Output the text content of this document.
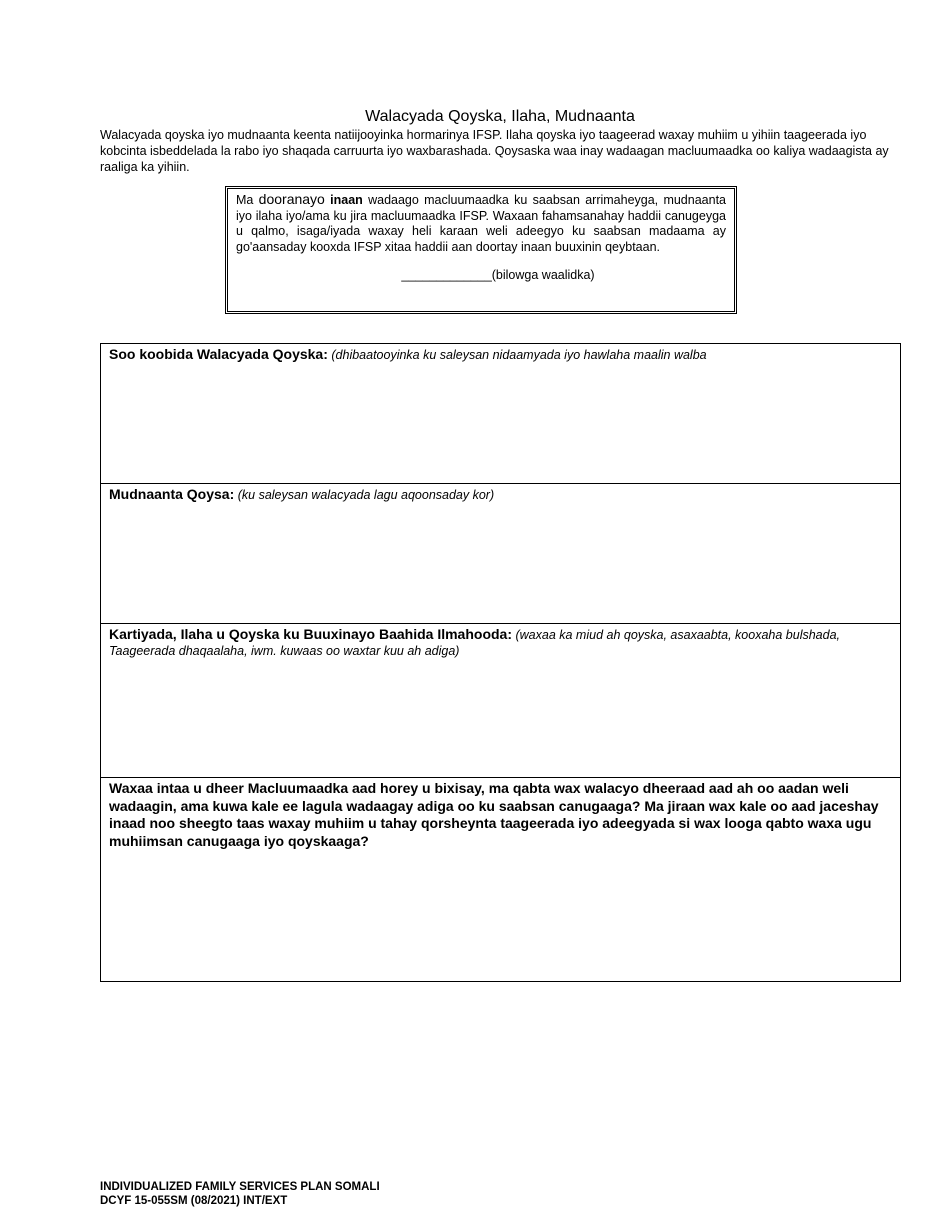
Walacyada Qoyska, Ilaha, Mudnaanta
Walacyada qoyska iyo mudnaanta keenta natiijooyinka hormarinya IFSP. Ilaha qoyska iyo taageerad waxay muhiim u yihiin taageerada iyo kobcinta isbeddelada la rabo iyo shaqada carruurta iyo waxbarashada. Qoysaska waa inay wadaagan macluumaadka oo kaliya wadaagista ay raaliga ka yihiin.
Ma dooranayo inaan wadaago macluumaadka ku saabsan arrimaheyga, mudnaanta iyo ilaha iyo/ama ku jira macluumaadka IFSP. Waxaan fahamsanahay haddii canugeyga u qalmo, isaga/iyada waxay heli karaan weli adeegyo ku saabsan madaama ay go'aansaday kooxda IFSP xitaa haddii aan doortay inaan buuxinin qeybtaan.
_____________(bilowga waalidka)
Soo koobida Walacyada Qoyska: (dhibaatooyinka ku saleysan nidaamyada iyo hawlaha maalin walba
Mudnaanta Qoysa: (ku saleysan walacyada lagu aqoonsaday kor)
Kartiyada, Ilaha u Qoyska ku Buuxinayo Baahida Ilmahooda: (waxaa ka miud ah qoyska, asaxaabta, kooxaha bulshada, Taageerada dhaqaalaha, iwm. kuwaas oo waxtar kuu ah adiga)
Waxaa intaa u dheer Macluumaadka aad horey u bixisay, ma qabta wax walacyo dheeraad aad ah oo aadan weli wadaagin, ama kuwa kale ee lagula wadaagay adiga oo ku saabsan canugaaga? Ma jiraan wax kale oo aad jaceshay inaad noo sheegto taas waxay muhiim u tahay qorsheynta taageerada iyo adeegyada si wax looga qabto waxa ugu muhiimsan canugaaga iyo qoyskaaga?
INDIVIDUALIZED FAMILY SERVICES PLAN SOMALI
DCYF 15-055SM (08/2021) INT/EXT
